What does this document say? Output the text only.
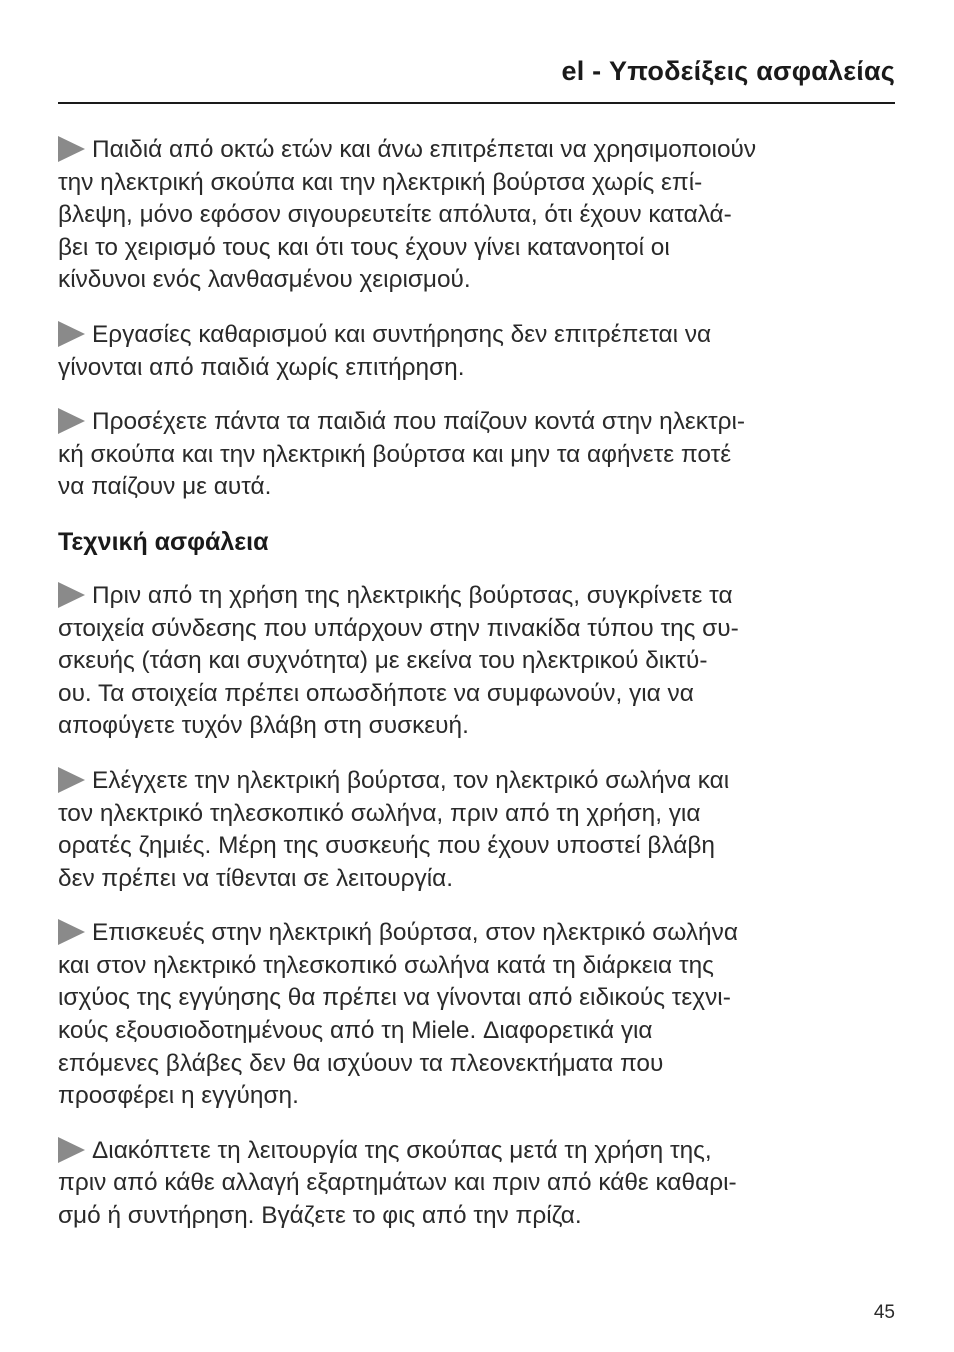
el - Υποδείξεις ασφαλείας

Παιδιά από οκτώ ετών και άνω επιτρέπεται να χρησιμοποιούν
την ηλεκτρική σκούπα και την ηλεκτρική βούρτσα χωρίς επί-
βλεψη, μόνο εφόσον σιγουρευτείτε απόλυτα, ότι έχουν καταλά-
βει το χειρισμό τους και ότι τους έχουν γίνει κατανοητοί οι
κίνδυνοι ενός λανθασμένου χειρισμού.

Εργασίες καθαρισμού και συντήρησης δεν επιτρέπεται να
γίνονται από παιδιά χωρίς επιτήρηση.

Προσέχετε πάντα τα παιδιά που παίζουν κοντά στην ηλεκτρι-
κή σκούπα και την ηλεκτρική βούρτσα και μην τα αφήνετε ποτέ
να παίζουν με αυτά.

Τεχνική ασφάλεια

Πριν από τη χρήση της ηλεκτρικής βούρτσας, συγκρίνετε τα
στοιχεία σύνδεσης που υπάρχουν στην πινακίδα τύπου της συ-
σκευής (τάση και συχνότητα) με εκείνα του ηλεκτρικού δικτύ-
ου. Τα στοιχεία πρέπει οπωσδήποτε να συμφωνούν, για να
αποφύγετε τυχόν βλάβη στη συσκευή.

Ελέγχετε την ηλεκτρική βούρτσα, τον ηλεκτρικό σωλήνα και
τον ηλεκτρικό τηλεσκοπικό σωλήνα, πριν από τη χρήση, για
ορατές ζημιές. Μέρη της συσκευής που έχουν υποστεί βλάβη
δεν πρέπει να τίθενται σε λειτουργία.

Επισκευές στην ηλεκτρική βούρτσα, στον ηλεκτρικό σωλήνα
και στον ηλεκτρικό τηλεσκοπικό σωλήνα κατά τη διάρκεια της
ισχύος της εγγύησης θα πρέπει να γίνονται από ειδικούς τεχνι-
κούς εξουσιοδοτημένους από τη Miele. Διαφορετικά για
επόμενες βλάβες δεν θα ισχύουν τα πλεονεκτήματα που
προσφέρει η εγγύηση.

Διακόπτετε τη λειτουργία της σκούπας μετά τη χρήση της,
πριν από κάθε αλλαγή εξαρτημάτων και πριν από κάθε καθαρι-
σμό ή συντήρηση. Βγάζετε το φις από την πρίζα.

45
